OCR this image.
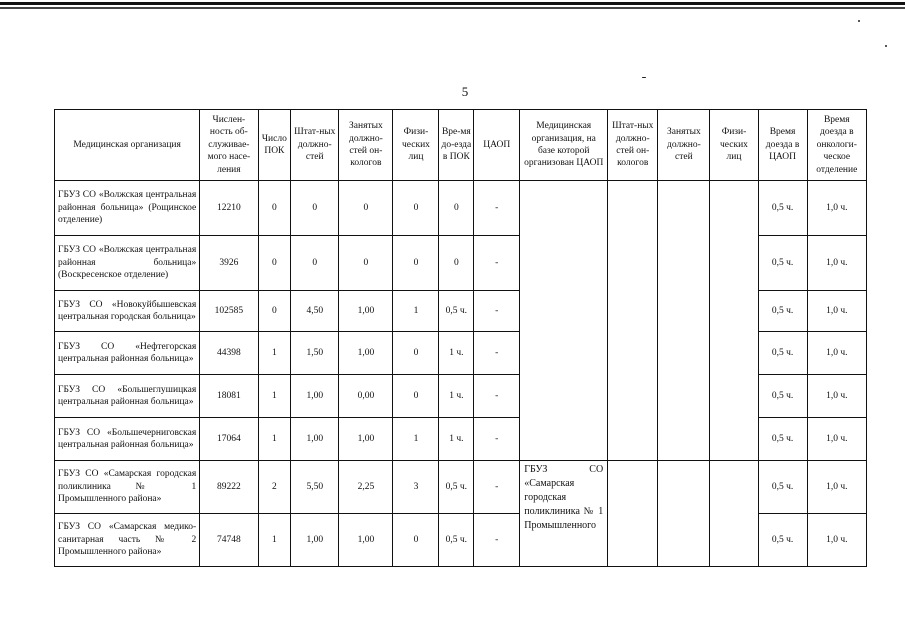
5
Медицинская организация	Числен-ность об-служивае-мого насе-ления	Число ПОК	Штат-ных должно-стей	Занятых должно-стей он-кологов	Физи-ческих лиц	Вре-мя до-езда в ПОК	ЦАОП	Медицинская организация, на базе которой организован ЦАОП	Штат-ных должно-стей он-кологов	Занятых должно-стей	Физи-ческих лиц	Время доезда в ЦАОП	Время доезда в онкологи-ческое отделение
ГБУЗ СО «Волжская центральная районная больница» (Рощинское отделение)	12210	0	0	0	0	0	-					0,5 ч.	1,0 ч.
ГБУЗ СО «Волжская центральная районная больница» (Воскресенское отделение)	3926	0	0	0	0	0	-					0,5 ч.	1,0 ч.
ГБУЗ СО «Новокуйбышевская центральная городская больница»	102585	0	4,50	1,00	1	0,5 ч.	-					0,5 ч.	1,0 ч.
ГБУЗ СО «Нефтегорская центральная районная больница»	44398	1	1,50	1,00	0	1 ч.	-					0,5 ч.	1,0 ч.
ГБУЗ СО «Большеглушицкая центральная районная больница»	18081	1	1,00	0,00	0	1 ч.	-					0,5 ч.	1,0 ч.
ГБУЗ СО «Большечерниговская центральная районная больница»	17064	1	1,00	1,00	1	1 ч.	-					0,5 ч.	1,0 ч.
ГБУЗ СО «Самарская городская поликлиника № 1 Промышленного района»	89222	2	5,50	2,25	3	0,5 ч.	-	ГБУЗ СО «Самарская городская поликлиника № 1 Промышленного				0,5 ч.	1,0 ч.
ГБУЗ СО «Самарская медико-санитарная часть № 2 Промышленного района»	74748	1	1,00	1,00	0	0,5 ч.	-					0,5 ч.	1,0 ч.
